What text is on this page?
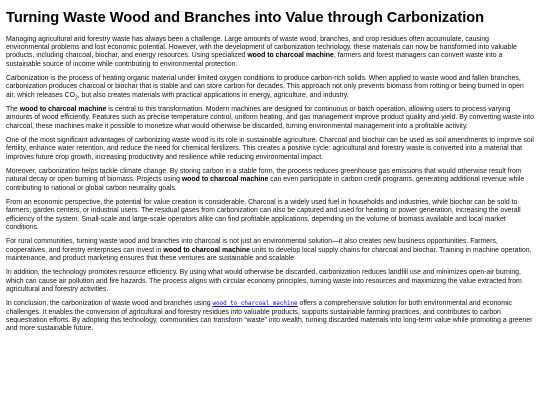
Turning Waste Wood and Branches into Value through Carbonization

Managing agricultural and forestry waste has always been a challenge. Large amounts of waste wood, branches, and crop residues often accumulate, causing environmental problems and lost economic potential. However, with the development of carbonization technology, these materials can now be transformed into valuable products, including charcoal, biochar, and energy resources. Using specialized wood to charcoal machine, farmers and forest managers can convert waste into a sustainable source of income while contributing to environmental protection.

Carbonization is the process of heating organic material under limited oxygen conditions to produce carbon-rich solids. When applied to waste wood and fallen branches, carbonization produces charcoal or biochar that is stable and can store carbon for decades. This approach not only prevents biomass from rotting or being burned in open air, which releases $CO_2$, but also creates materials with practical applications in energy, agriculture, and industry.

The wood to charcoal machine is central to this transformation. Modern machines are designed for continuous or batch operation, allowing users to process varying amounts of wood efficiently. Features such as precise temperature control, uniform heating, and gas management improve product quality and yield. By converting waste into charcoal, these machines make it possible to monetize what would otherwise be discarded, turning environmental management into a profitable activity.

One of the most significant advantages of carbonizing waste wood is its role in sustainable agriculture. Charcoal and biochar can be used as soil amendments to improve soil fertility, enhance water retention, and reduce the need for chemical fertilizers. This creates a positive cycle: agricultural and forestry waste is converted into a material that improves future crop growth, increasing productivity and resilience while reducing environmental impact.

Moreover, carbonization helps tackle climate change. By storing carbon in a stable form, the process reduces greenhouse gas emissions that would otherwise result from natural decay or open burning of biomass. Projects using wood to charcoal machine can even participate in carbon credit programs, generating additional revenue while contributing to national or global carbon neutrality goals.

From an economic perspective, the potential for value creation is considerable. Charcoal is a widely used fuel in households and industries, while biochar can be sold to farmers, garden centers, or industrial users. The residual gases from carbonization can also be captured and used for heating or power generation, increasing the overall efficiency of the system. Small-scale and large-scale operators alike can find profitable applications, depending on the volume of biomass available and local market conditions.

For rural communities, turning waste wood and branches into charcoal is not just an environmental solution—it also creates new business opportunities. Farmers, cooperatives, and forestry enterprises can invest in wood to charcoal machine units to develop local supply chains for charcoal and biochar. Training in machine operation, maintenance, and product marketing ensures that these ventures are sustainable and scalable.

In addition, the technology promotes resource efficiency. By using what would otherwise be discarded, carbonization reduces landfill use and minimizes open-air burning, which can cause air pollution and fire hazards. The process aligns with circular economy principles, turning waste into resources and maximizing the value extracted from agricultural and forestry activities.

In conclusion, the carbonization of waste wood and branches using wood to charcoal machine offers a comprehensive solution for both environmental and economic challenges. It enables the conversion of agricultural and forestry residues into valuable products, supports sustainable farming practices, and contributes to carbon sequestration efforts. By adopting this technology, communities can transform “waste” into wealth, turning discarded materials into long-term value while promoting a greener and more sustainable future.
